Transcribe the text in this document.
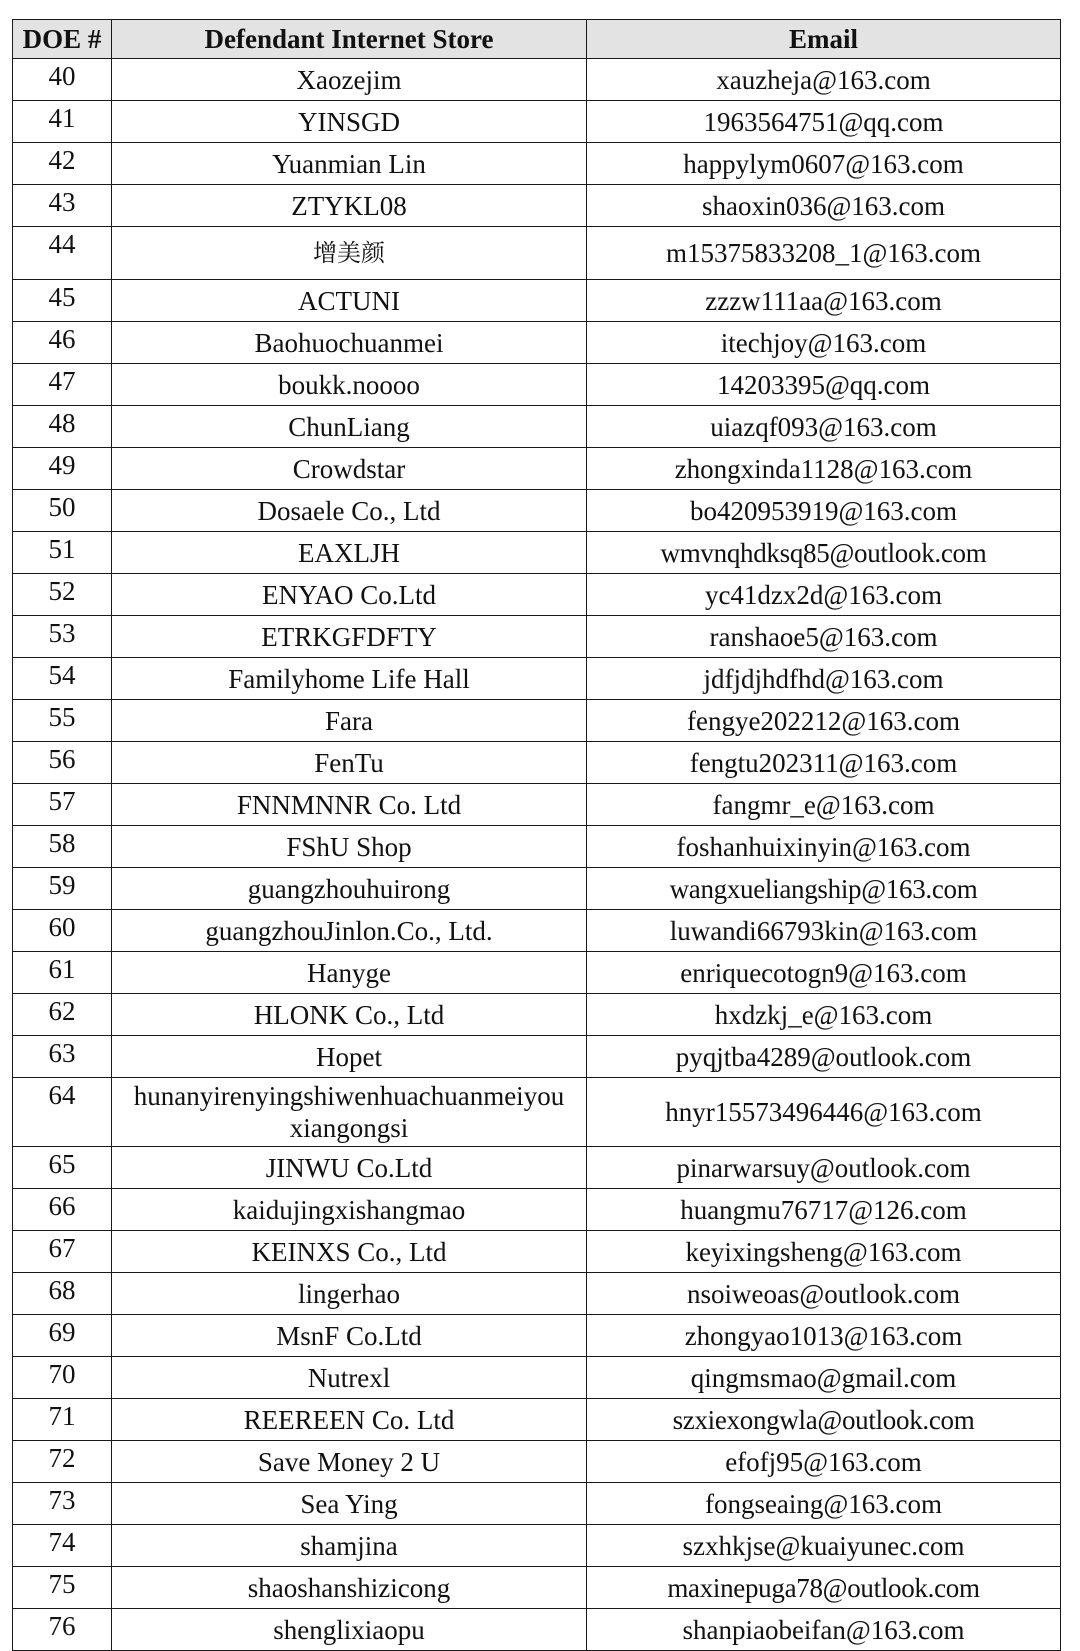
DOE #	Defendant Internet Store	Email
40	Xaozejim	xauzheja@163.com
41	YINSGD	1963564751@qq.com
42	Yuanmian Lin	happylym0607@163.com
43	ZTYKL08	shaoxin036@163.com
44	增美颜	m15375833208_1@163.com
45	ACTUNI	zzzw111aa@163.com
46	Baohuochuanmei	itechjoy@163.com
47	boukk.noooo	14203395@qq.com
48	ChunLiang	uiazqf093@163.com
49	Crowdstar	zhongxinda1128@163.com
50	Dosaele Co., Ltd	bo420953919@163.com
51	EAXLJH	wmvnqhdksq85@outlook.com
52	ENYAO Co.Ltd	yc41dzx2d@163.com
53	ETRKGFDFTY	ranshaoe5@163.com
54	Familyhome Life Hall	jdfjdjhdfhd@163.com
55	Fara	fengye202212@163.com
56	FenTu	fengtu202311@163.com
57	FNNMNNR Co. Ltd	fangmr_e@163.com
58	FShU Shop	foshanhuixinyin@163.com
59	guangzhouhuirong	wangxueliangship@163.com
60	guangzhouJinlon.Co., Ltd.	luwandi66793kin@163.com
61	Hanyge	enriquecotogn9@163.com
62	HLONK Co., Ltd	hxdzkj_e@163.com
63	Hopet	pyqjtba4289@outlook.com
64	hunanyirenyingshiwenhuachuanmeiyou xiangongsi	hnyr15573496446@163.com
65	JINWU Co.Ltd	pinarwarsuy@outlook.com
66	kaidujingxishangmao	huangmu76717@126.com
67	KEINXS Co., Ltd	keyixingsheng@163.com
68	lingerhao	nsoiweoas@outlook.com
69	MsnF Co.Ltd	zhongyao1013@163.com
70	Nutrexl	qingmsmao@gmail.com
71	REEREEN Co. Ltd	szxiexongwla@outlook.com
72	Save Money 2 U	efofj95@163.com
73	Sea Ying	fongseaing@163.com
74	shamjina	szxhkjse@kuaiyunec.com
75	shaoshanshizicong	maxinepuga78@outlook.com
76	shenglixiaopu	shanpiaobeifan@163.com
